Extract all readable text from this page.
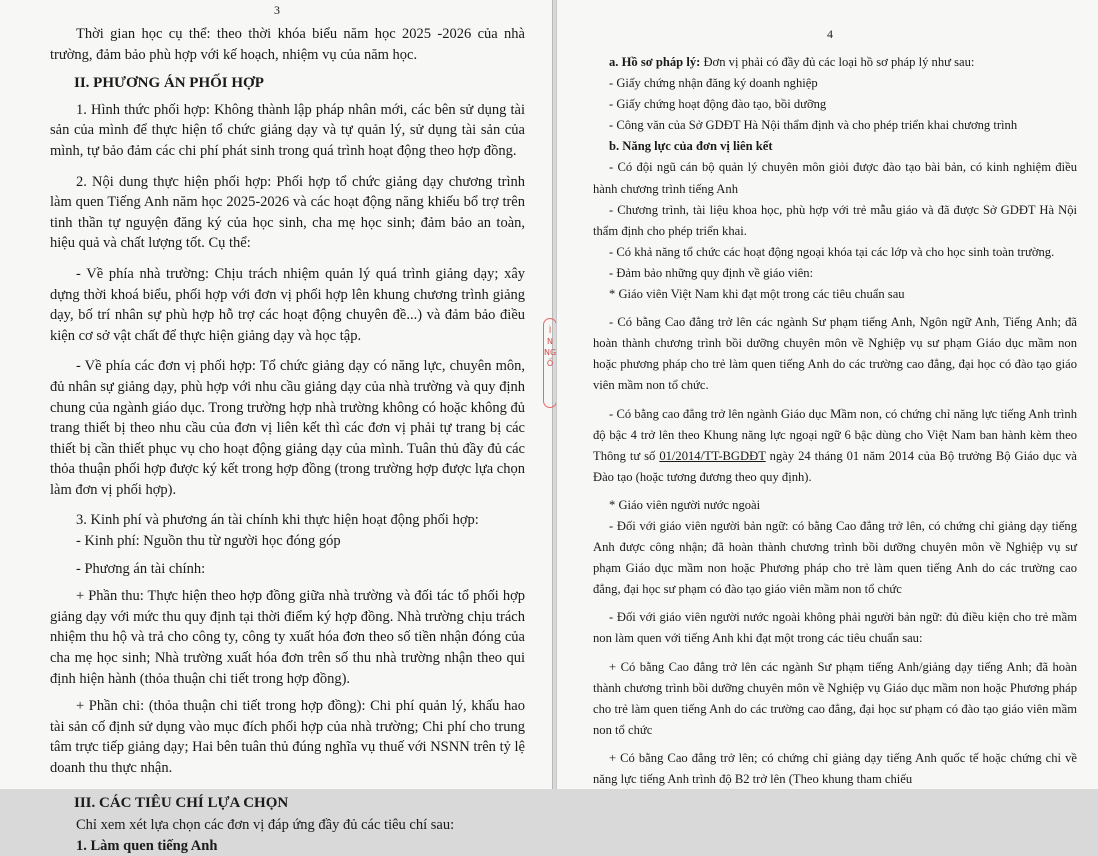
3

Thời gian học cụ thể: theo thời khóa biểu năm học 2025 -2026 của nhà trường, đảm bảo phù hợp với kế hoạch, nhiệm vụ của năm học.

II. PHƯƠNG ÁN PHỐI HỢP

1. Hình thức phối hợp: Không thành lập pháp nhân mới, các bên sử dụng tài sản của mình để thực hiện tổ chức giảng dạy và tự quản lý, sử dụng tài sản của mình, tự bảo đảm các chi phí phát sinh trong quá trình hoạt động theo hợp đồng.

2. Nội dung thực hiện phối hợp: Phối hợp tổ chức giảng dạy chương trình làm quen Tiếng Anh năm học 2025-2026 và các hoạt động năng khiếu bổ trợ trên tinh thần tự nguyện đăng ký của học sinh, cha mẹ học sinh; đảm bảo an toàn, hiệu quả và chất lượng tốt. Cụ thể:

- Về phía nhà trường: Chịu trách nhiệm quản lý quá trình giảng dạy; xây dựng thời khoá biểu, phối hợp với đơn vị phối hợp lên khung chương trình giảng dạy, bố trí nhân sự phù hợp hỗ trợ các hoạt động chuyên đề...) và đảm bảo điều kiện cơ sở vật chất để thực hiện giảng dạy và học tập.

- Về phía các đơn vị phối hợp: Tổ chức giảng dạy có năng lực, chuyên môn, đủ nhân sự giảng dạy, phù hợp với nhu cầu giảng dạy của nhà trường và quy định chung của ngành giáo dục. Trong trường hợp nhà trường không có hoặc không đủ trang thiết bị theo nhu cầu của đơn vị liên kết thì các đơn vị phải tự trang bị các thiết bị cần thiết phục vụ cho hoạt động giảng dạy của mình. Tuân thủ đầy đủ các thỏa thuận phối hợp được ký kết trong hợp đồng (trong trường hợp được lựa chọn làm đơn vị phối hợp).

3. Kinh phí và phương án tài chính khi thực hiện hoạt động phối hợp:

- Kinh phí: Nguồn thu từ người học đóng góp

- Phương án tài chính:

+ Phần thu: Thực hiện theo hợp đồng giữa nhà trường và đối tác tổ phối hợp giảng dạy với mức thu quy định tại thời điểm ký hợp đồng. Nhà trường chịu trách nhiệm thu hộ và trả cho công ty, công ty xuất hóa đơn theo số tiền nhận đóng của cha mẹ học sinh; Nhà trường xuất hóa đơn trên số thu nhà trường nhận theo qui định hiện hành (thỏa thuận chi tiết trong hợp đồng).

+ Phần chi: (thỏa thuận chi tiết trong hợp đồng): Chi phí quản lý, khấu hao tài sản cố định sử dụng vào mục đích phối hợp của nhà trường; Chi phí cho trung tâm trực tiếp giảng dạy; Hai bên tuân thủ đúng nghĩa vụ thuế với NSNN trên tỷ lệ doanh thu thực nhận.

III. CÁC TIÊU CHÍ LỰA CHỌN

Chỉ xem xét lựa chọn các đơn vị đáp ứng đầy đủ các tiêu chí sau:

1. Làm quen tiếng Anh

Ì
N
NG
Ố
4

a. Hồ sơ pháp lý: Đơn vị phải có đầy đủ các loại hồ sơ pháp lý như sau:

- Giấy chứng nhận đăng ký doanh nghiệp

- Giấy chứng hoạt động đào tạo, bồi dưỡng

- Công văn của Sở GDĐT Hà Nội thẩm định và cho phép triển khai chương trình

b. Năng lực của đơn vị liên kết

- Có đội ngũ cán bộ quản lý chuyên môn giỏi được đào tạo bài bản, có kinh nghiệm điều hành chương trình tiếng Anh

- Chương trình, tài liệu khoa học, phù hợp với trẻ mẫu giáo và đã được Sở GDĐT Hà Nội thẩm định cho phép triển khai.

- Có khả năng tổ chức các hoạt động ngoại khóa tại các lớp và cho học sinh toàn trường.

- Đảm bảo những quy định về giáo viên:

* Giáo viên Việt Nam khi đạt một trong các tiêu chuẩn sau

- Có bằng Cao đẳng trở lên các ngành Sư phạm tiếng Anh, Ngôn ngữ Anh, Tiếng Anh; đã hoàn thành chương trình bồi dưỡng chuyên môn về Nghiệp vụ sư phạm Giáo dục mầm non hoặc phương pháp cho trẻ làm quen tiếng Anh do các trường cao đẳng, đại học có đào tạo giáo viên mầm non tổ chức.

- Có bằng cao đẳng trở lên ngành Giáo dục Mầm non, có chứng chỉ năng lực tiếng Anh trình độ bậc 4 trở lên theo Khung năng lực ngoại ngữ 6 bậc dùng cho Việt Nam ban hành kèm theo Thông tư số 01/2014/TT-BGDĐT ngày 24 tháng 01 năm 2014 của Bộ trưởng Bộ Giáo dục và Đào tạo (hoặc tương đương theo quy định).

* Giáo viên người nước ngoài

- Đối với giáo viên người bản ngữ: có bằng Cao đẳng trở lên, có chứng chỉ giảng dạy tiếng Anh được công nhận; đã hoàn thành chương trình bồi dưỡng chuyên môn về Nghiệp vụ sư phạm Giáo dục mầm non hoặc Phương pháp cho trẻ làm quen tiếng Anh do các trường cao đẳng, đại học sư phạm có đào tạo giáo viên mầm non tổ chức

- Đối với giáo viên người nước ngoài không phải người bản ngữ: đủ điều kiện cho trẻ mầm non làm quen với tiếng Anh khi đạt một trong các tiêu chuẩn sau:

+ Có bằng Cao đẳng trở lên các ngành Sư phạm tiếng Anh/giảng dạy tiếng Anh; đã hoàn thành chương trình bồi dưỡng chuyên môn về Nghiệp vụ Giáo dục mầm non hoặc Phương pháp cho trẻ làm quen tiếng Anh do các trường cao đẳng, đại học sư phạm có đào tạo giáo viên mầm non tổ chức

+ Có bằng Cao đẳng trở lên; có chứng chỉ giảng dạy tiếng Anh quốc tế hoặc chứng chỉ về năng lực tiếng Anh trình độ B2 trở lên (Theo khung tham chiếu
